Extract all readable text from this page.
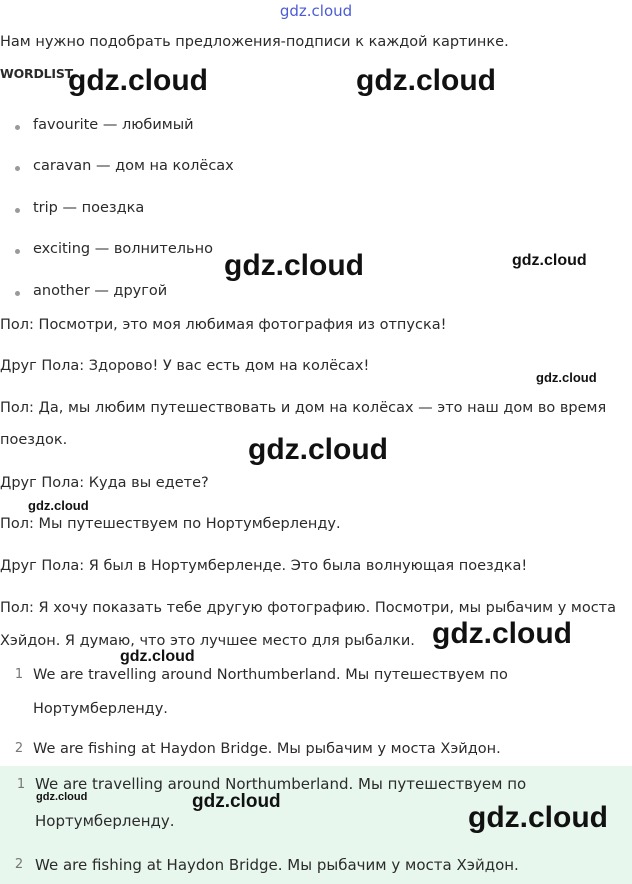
gdz.cloud
Нам нужно подобрать предложения-подписи к каждой картинке.
WORDLIST
favourite — любимый
caravan — дом на колёсах
trip — поездка
exciting — волнительно
another — другой
Пол: Посмотри, это моя любимая фотография из отпуска!
Друг Пола: Здорово! У вас есть дом на колёсах!
Пол: Да, мы любим путешествовать и дом на колёсах — это наш дом во время
поездок.
Друг Пола: Куда вы едете?
Пол: Мы путешествуем по Нортумберленду.
Друг Пола: Я был в Нортумберленде. Это была волнующая поездка!
Пол: Я хочу показать тебе другую фотографию. Посмотри, мы рыбачим у моста
Хэйдон. Я думаю, что это лучшее место для рыбалки.
1 We are travelling around Northumberland. Мы путешествуем по
Нортумберленду.
2 We are fishing at Haydon Bridge. Мы рыбачим у моста Хэйдон.
1 We are travelling around Northumberland. Мы путешествуем по
Нортумберленду.
2 We are fishing at Haydon Bridge. Мы рыбачим у моста Хэйдон.
gdz.cloud	gdz.cloud
gdz.cloud	gdz.cloud
gdz.cloud
gdz.cloud
gdz.cloud
gdz.cloud
gdz.cloud
gdz.cloud	gdz.cloud	gdz.cloud
